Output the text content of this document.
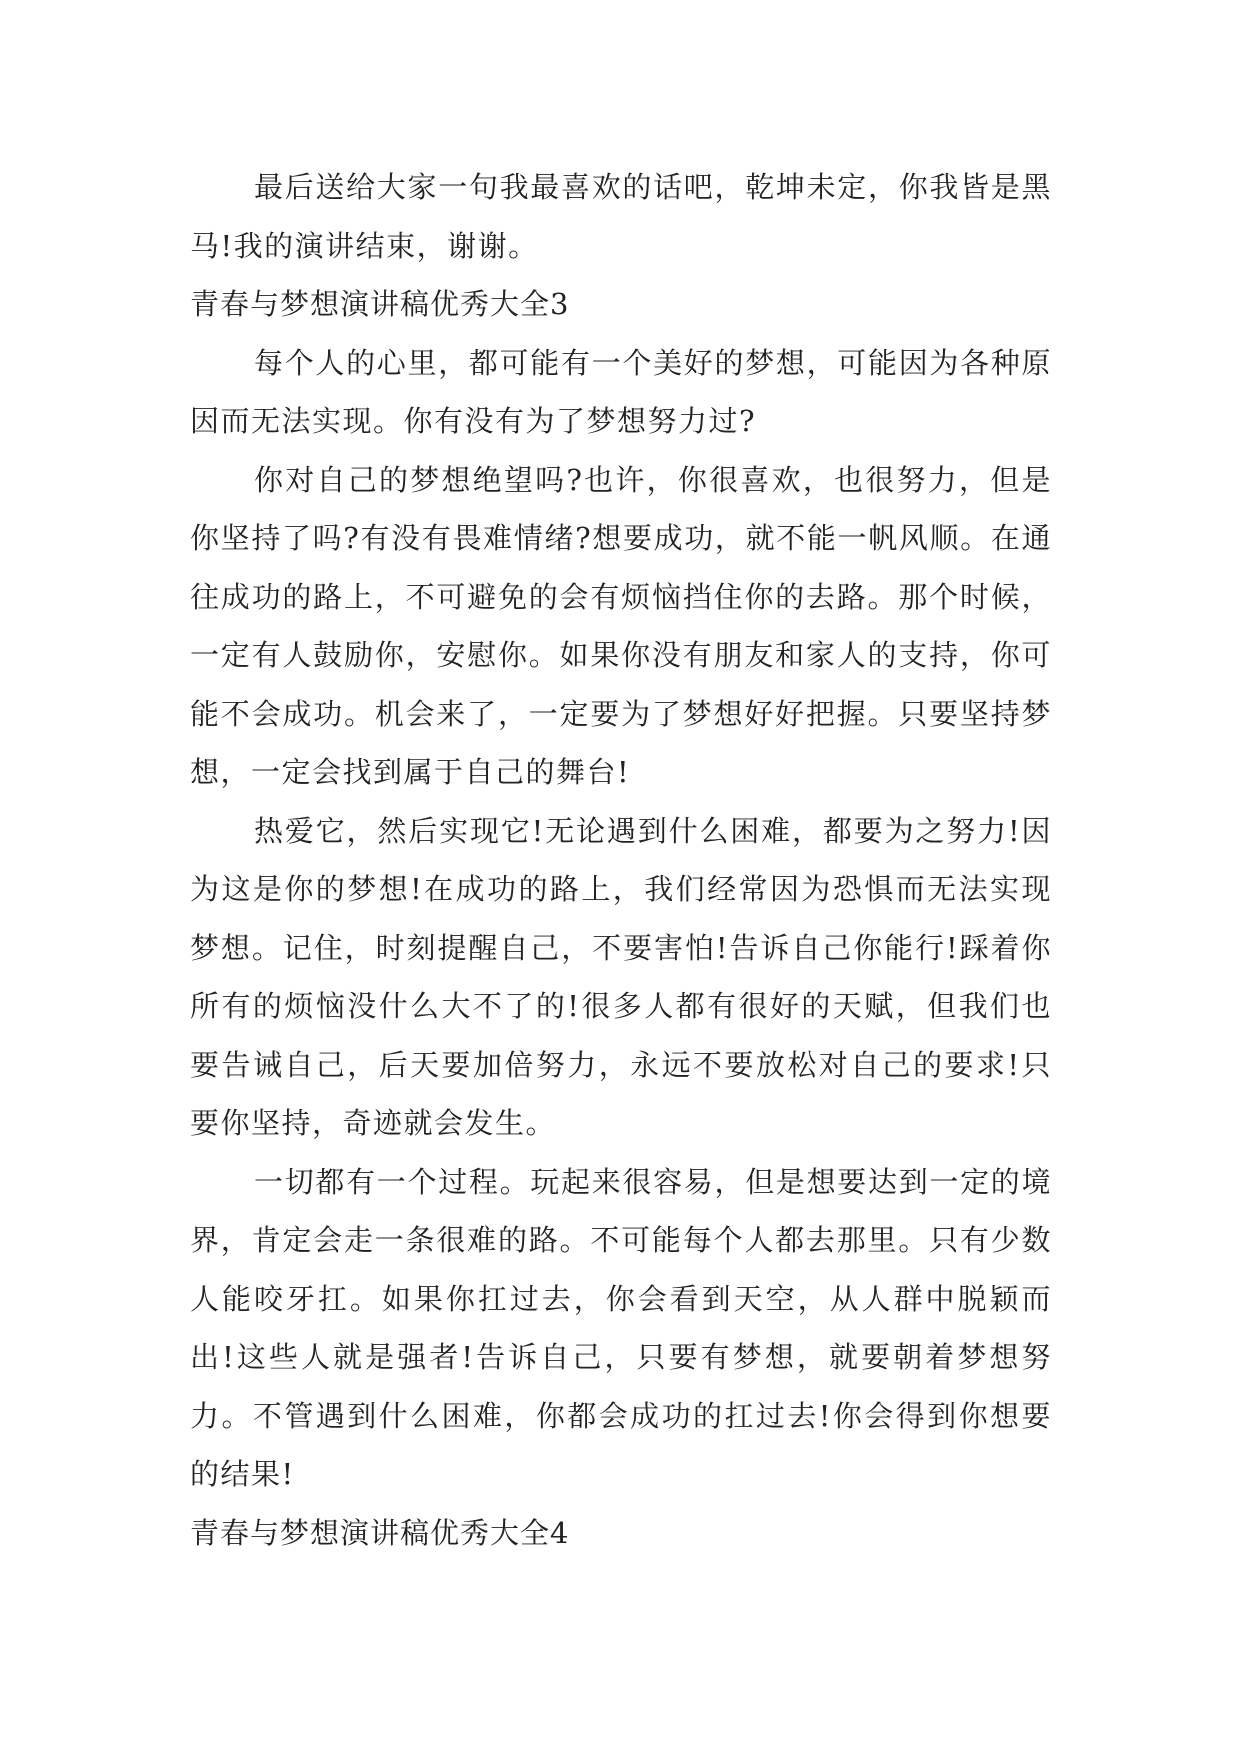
最后送给大家一句我最喜欢的话吧，乾坤未定，你我皆是黑马!我的演讲结束，谢谢。

青春与梦想演讲稿优秀大全3

每个人的心里，都可能有一个美好的梦想，可能因为各种原因而无法实现。你有没有为了梦想努力过?

你对自己的梦想绝望吗?也许，你很喜欢，也很努力，但是你坚持了吗?有没有畏难情绪?想要成功，就不能一帆风顺。在通往成功的路上，不可避免的会有烦恼挡住你的去路。那个时候，一定有人鼓励你，安慰你。如果你没有朋友和家人的支持，你可能不会成功。机会来了，一定要为了梦想好好把握。只要坚持梦想，一定会找到属于自己的舞台!

热爱它，然后实现它!无论遇到什么困难，都要为之努力!因为这是你的梦想!在成功的路上，我们经常因为恐惧而无法实现梦想。记住，时刻提醒自己，不要害怕!告诉自己你能行!踩着你所有的烦恼没什么大不了的!很多人都有很好的天赋，但我们也要告诫自己，后天要加倍努力，永远不要放松对自己的要求!只要你坚持，奇迹就会发生。

一切都有一个过程。玩起来很容易，但是想要达到一定的境界，肯定会走一条很难的路。不可能每个人都去那里。只有少数人能咬牙扛。如果你扛过去，你会看到天空，从人群中脱颖而出!这些人就是强者!告诉自己，只要有梦想，就要朝着梦想努力。不管遇到什么困难，你都会成功的扛过去!你会得到你想要的结果!

青春与梦想演讲稿优秀大全4
